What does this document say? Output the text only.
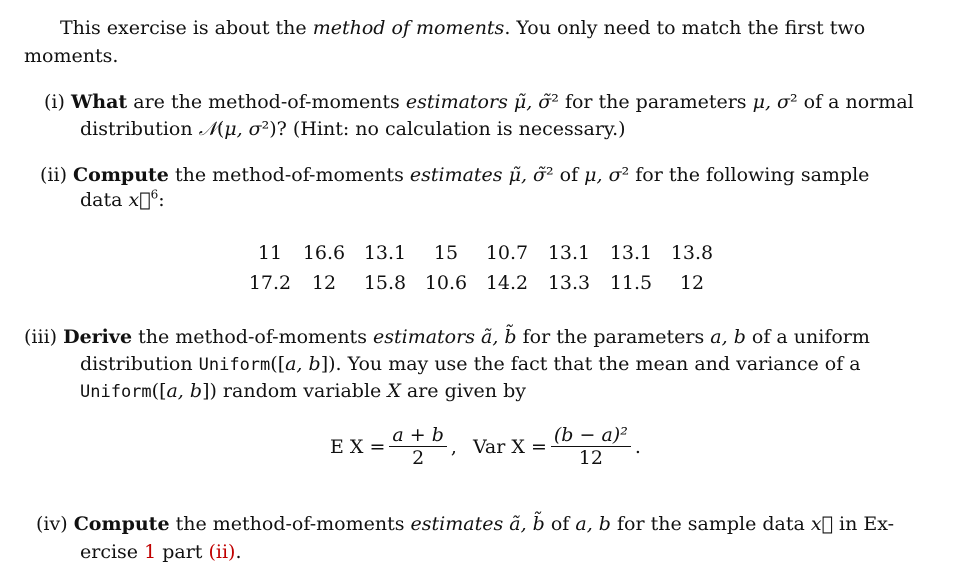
This exercise is about the method of moments. You only need to match the first two
moments.
(i) What are the method-of-moments estimators μ̃, σ̃² for the parameters μ, σ² of a normal
distribution 𝒩(μ, σ²)? (Hint: no calculation is necessary.)
(ii) Compute the method-of-moments estimates μ̃, σ̃² of μ, σ² for the following sample
data x⃗$^6$:
11	16.6	13.1	15	10.7	13.1	13.1	13.8
17.2	12	15.8	10.6	14.2	13.3	11.5	12
(iii) Derive the method-of-moments estimators ã, b̃ for the parameters a, b of a uniform
distribution Uniform([a, b]). You may use the fact that the mean and variance of a
Uniform([a, b]) random variable X are given by
E $X = \frac{a + b}{2}$ , Var $X = \frac{\text{(b − a)²}}{12}$ .
(iv) Compute the method-of-moments estimates ã, b̃ of a, b for the sample data x⃗ in Ex-
ercise 1 part (ii).
